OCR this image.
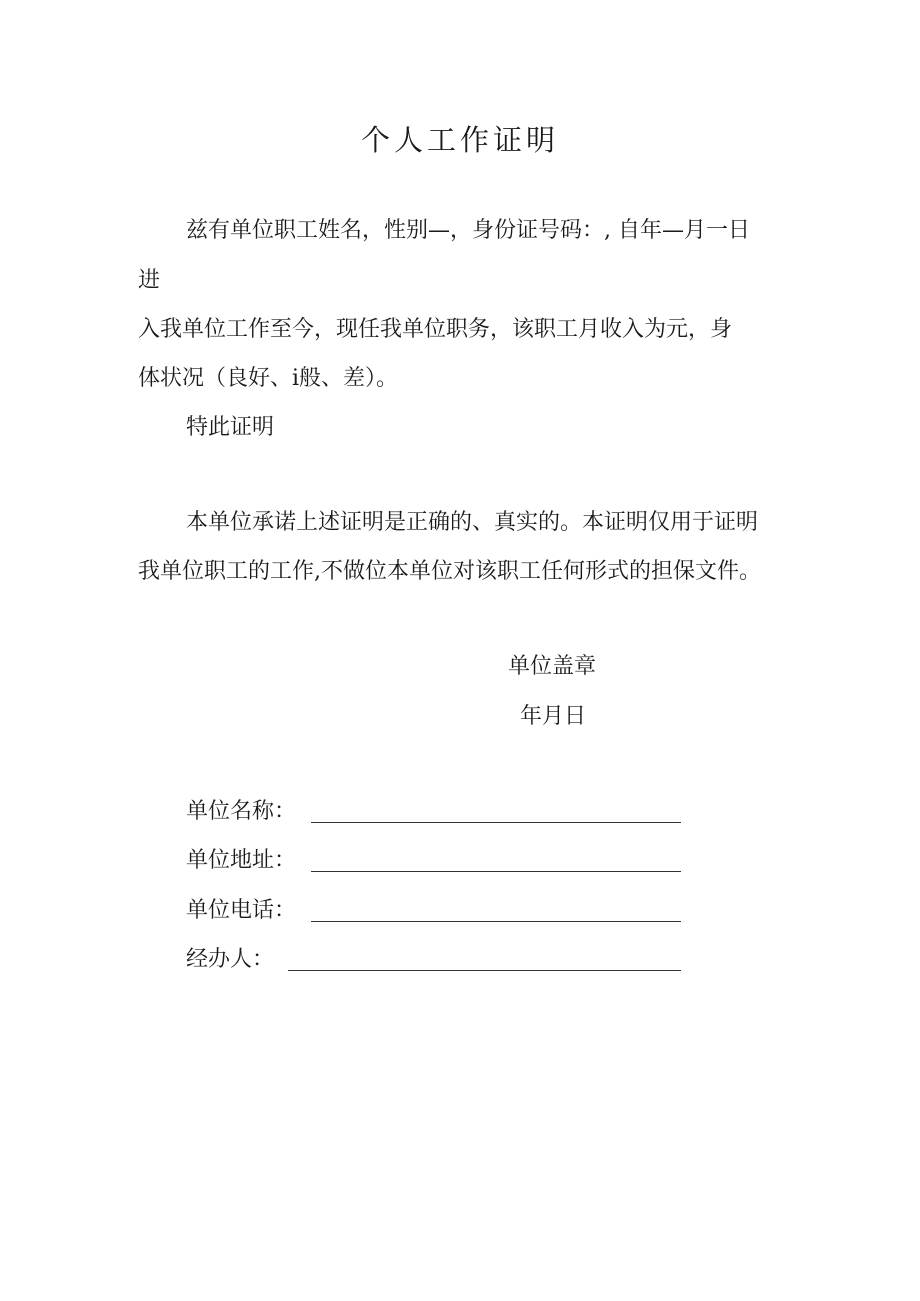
个人工作证明
兹有单位职工姓名，性别—，身份证号码：, 自年—月一日
进
入我单位工作至今，现任我单位职务，该职工月收入为元，身
体状况（良好、i般、差）。
特此证明
本单位承诺上述证明是正确的、真实的。本证明仅用于证明
我单位职工的工作,不做位本单位对该职工任何形式的担保文件。
单位盖章
年月日
单位名称：
单位地址：
单位电话：
经办人：
